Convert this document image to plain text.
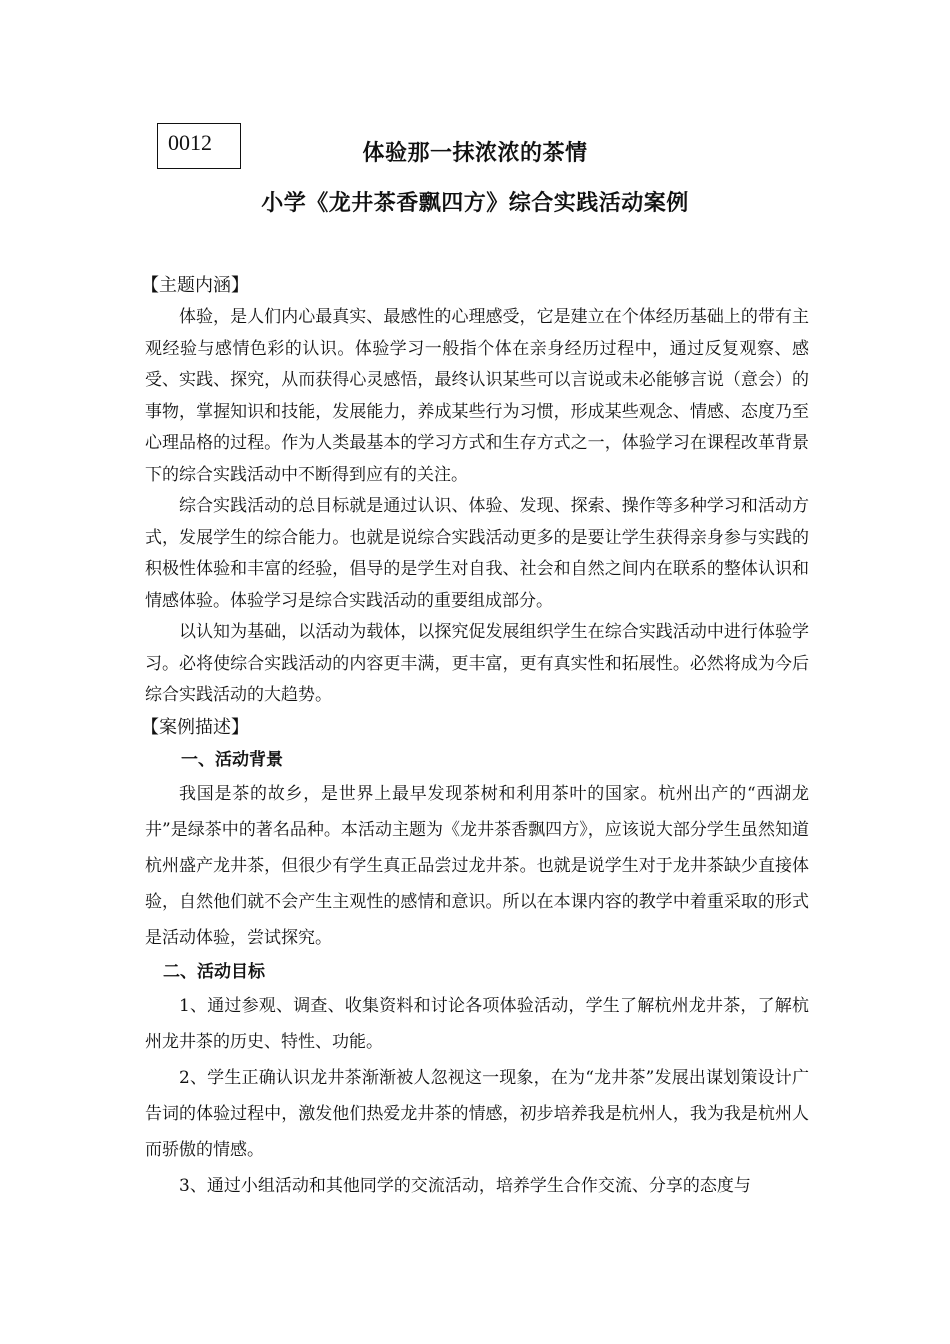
0012	体验那一抹浓浓的茶情
小学《龙井茶香飘四方》综合实践活动案例

【主题内涵】

体验，是人们内心最真实、最感性的心理感受，它是建立在个体经历基础上的带有主观经验与感情色彩的认识。体验学习一般指个体在亲身经历过程中，通过反复观察、感受、实践、探究，从而获得心灵感悟，最终认识某些可以言说或未必能够言说（意会）的事物，掌握知识和技能，发展能力，养成某些行为习惯，形成某些观念、情感、态度乃至心理品格的过程。作为人类最基本的学习方式和生存方式之一，体验学习在课程改革背景下的综合实践活动中不断得到应有的关注。

综合实践活动的总目标就是通过认识、体验、发现、探索、操作等多种学习和活动方式，发展学生的综合能力。也就是说综合实践活动更多的是要让学生获得亲身参与实践的积极性体验和丰富的经验，倡导的是学生对自我、社会和自然之间内在联系的整体认识和情感体验。体验学习是综合实践活动的重要组成部分。

以认知为基础，以活动为载体，以探究促发展组织学生在综合实践活动中进行体验学习。必将使综合实践活动的内容更丰满，更丰富，更有真实性和拓展性。必然将成为今后综合实践活动的大趋势。

【案例描述】

一、活动背景

我国是茶的故乡，是世界上最早发现茶树和利用茶叶的国家。杭州出产的“西湖龙井”是绿茶中的著名品种。本活动主题为《龙井茶香飘四方》，应该说大部分学生虽然知道杭州盛产龙井茶，但很少有学生真正品尝过龙井茶。也就是说学生对于龙井茶缺少直接体验，自然他们就不会产生主观性的感情和意识。所以在本课内容的教学中着重采取的形式是活动体验，尝试探究。

二、活动目标

1、通过参观、调查、收集资料和讨论各项体验活动，学生了解杭州龙井茶，了解杭州龙井茶的历史、特性、功能。

2、学生正确认识龙井茶渐渐被人忽视这一现象，在为“龙井茶”发展出谋划策设计广告词的体验过程中，激发他们热爱龙井茶的情感，初步培养我是杭州人，我为我是杭州人而骄傲的情感。

3、通过小组活动和其他同学的交流活动，培养学生合作交流、分享的态度与
